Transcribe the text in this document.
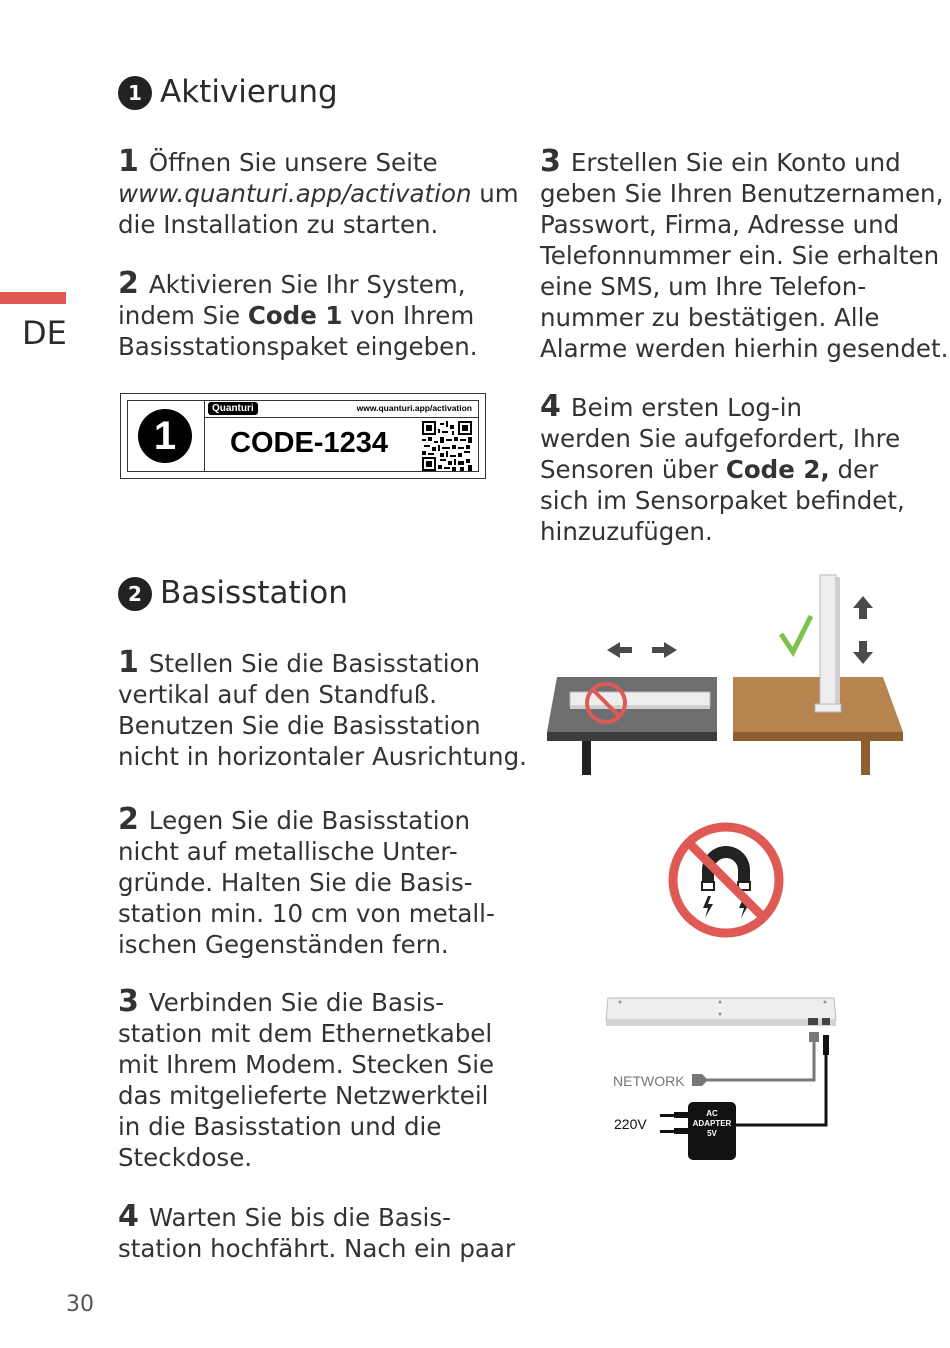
DE
1 Aktivierung
1 Öffnen Sie unsere Seite
www.quanturi.app/activation um
die Installation zu starten.
2 Aktivieren Sie Ihr System,
indem Sie Code 1 von Ihrem
Basisstationspaket eingeben.
1
Quanturi	www.quanturi.app/activation
CODE-1234
3 Erstellen Sie ein Konto und
geben Sie Ihren Benutzernamen,
Passwort, Firma, Adresse und
Telefonnummer ein. Sie erhalten
eine SMS, um Ihre Telefon-
nummer zu bestätigen. Alle
Alarme werden hierhin gesendet.
4 Beim ersten Log-in
werden Sie aufgefordert, Ihre
Sensoren über Code 2, der
sich im Sensorpaket befindet,
hinzuzufügen.
2 Basisstation
1 Stellen Sie die Basisstation
vertikal auf den Standfuß.
Benutzen Sie die Basisstation
nicht in horizontaler Ausrichtung.
2 Legen Sie die Basisstation
nicht auf metallische Unter-
gründe. Halten Sie die Basis-
station min. 10 cm von metall-
ischen Gegenständen fern.
3 Verbinden Sie die Basis-
station mit dem Ethernetkabel
mit Ihrem Modem. Stecken Sie
das mitgelieferte Netzwerkteil
in die Basisstation und die
Steckdose.
4 Warten Sie bis die Basis-
station hochfährt. Nach ein paar
NETWORK
220V
AC
ADAPTER
5V
30
